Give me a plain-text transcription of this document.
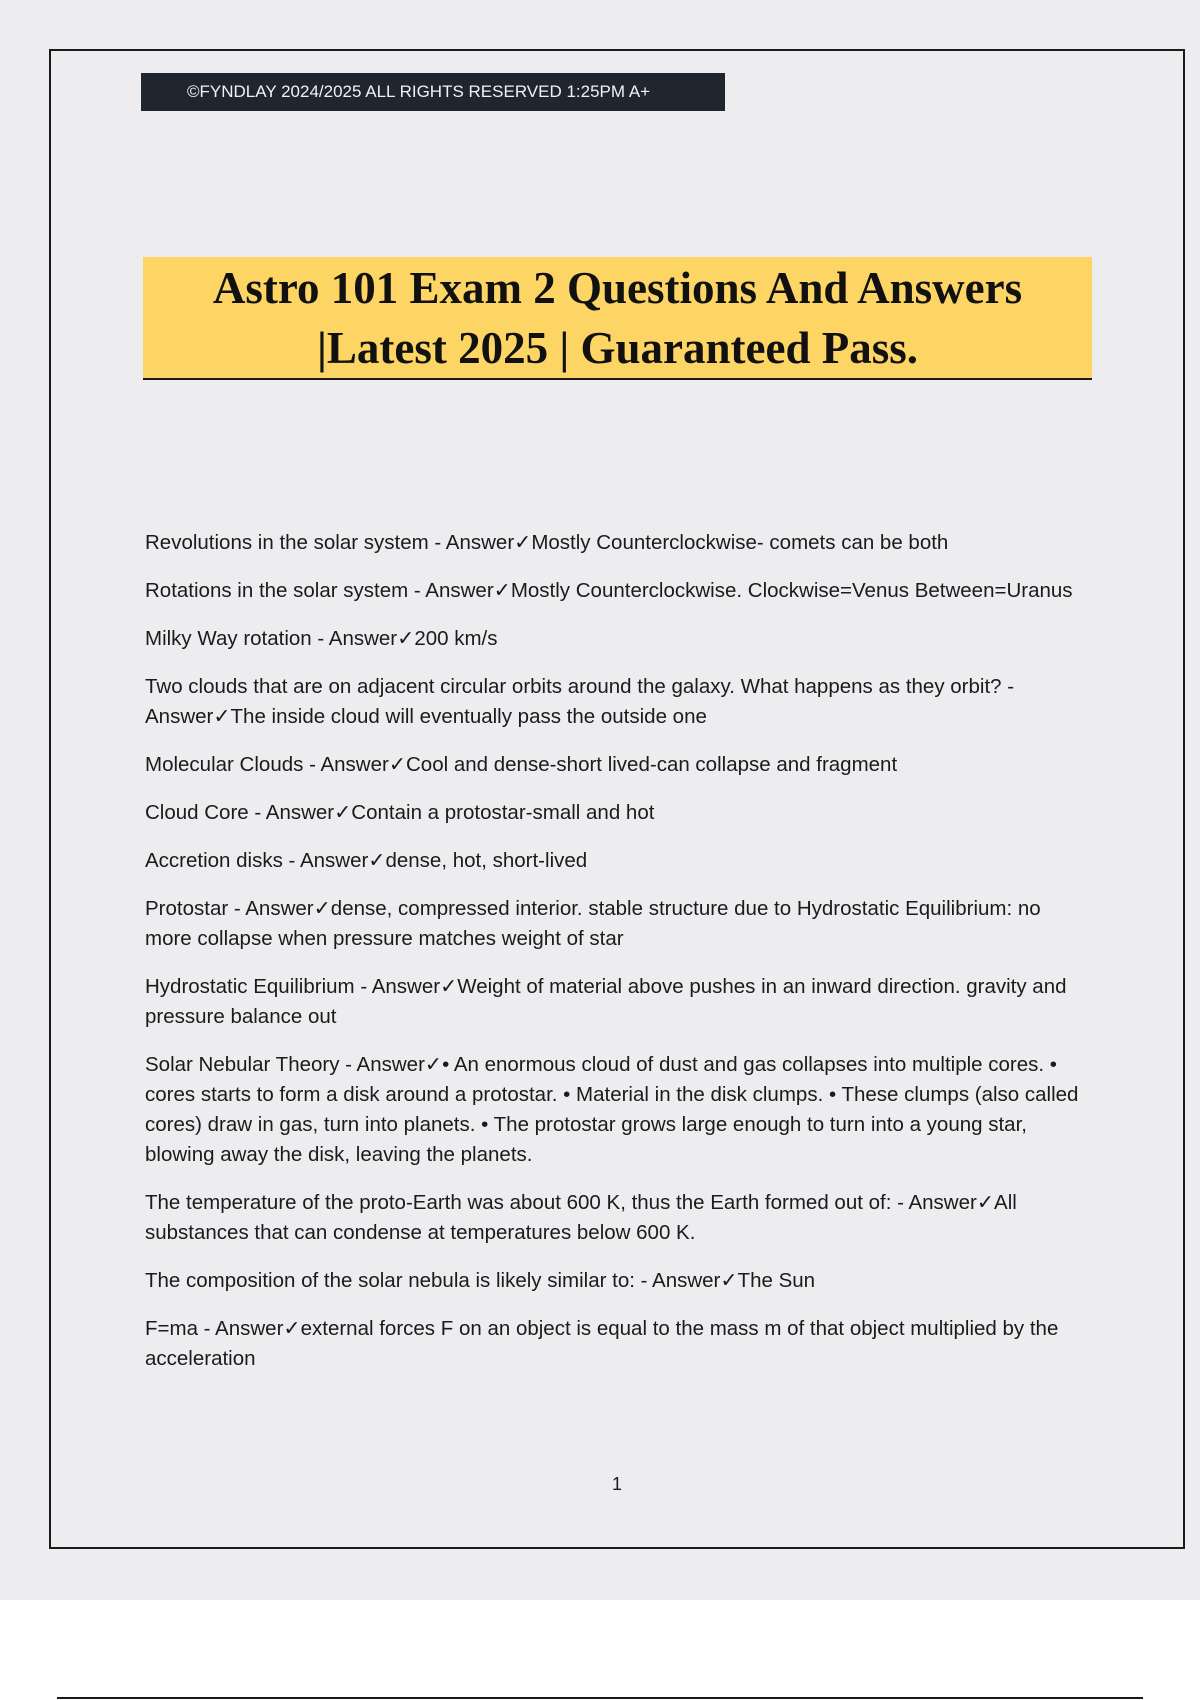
©FYNDLAY 2024/2025 ALL RIGHTS RESERVED 1:25PM A+
Astro 101 Exam 2 Questions And Answers
|Latest 2025 | Guaranteed Pass.

Revolutions in the solar system - Answer✓Mostly Counterclockwise- comets can be both

Rotations in the solar system - Answer✓Mostly Counterclockwise. Clockwise=Venus Between=Uranus

Milky Way rotation - Answer✓200 km/s

Two clouds that are on adjacent circular orbits around the galaxy. What happens as they orbit? - Answer✓The inside cloud will eventually pass the outside one

Molecular Clouds - Answer✓Cool and dense-short lived-can collapse and fragment

Cloud Core - Answer✓Contain a protostar-small and hot

Accretion disks - Answer✓dense, hot, short-lived

Protostar - Answer✓dense, compressed interior. stable structure due to Hydrostatic Equilibrium: no more collapse when pressure matches weight of star

Hydrostatic Equilibrium - Answer✓Weight of material above pushes in an inward direction. gravity and pressure balance out

Solar Nebular Theory - Answer✓• An enormous cloud of dust and gas collapses into multiple cores. • cores starts to form a disk around a protostar. • Material in the disk clumps. • These clumps (also called cores) draw in gas, turn into planets. • The protostar grows large enough to turn into a young star, blowing away the disk, leaving the planets.

The temperature of the proto-Earth was about 600 K, thus the Earth formed out of: - Answer✓All substances that can condense at temperatures below 600 K.

The composition of the solar nebula is likely similar to: - Answer✓The Sun

F=ma - Answer✓external forces F on an object is equal to the mass m of that object multiplied by the acceleration

1
